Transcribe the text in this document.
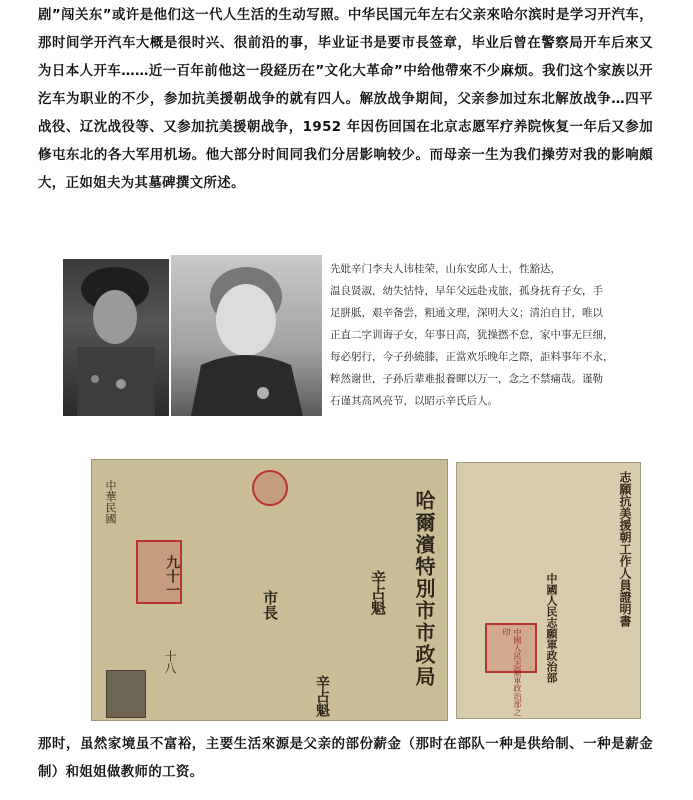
剧”闯关东”或许是他们这一代人生活的生动写照。中华民国元年左右父亲來哈尔滨时是学习开汽车，那时间学开汽车大概是很时兴、很前沿的事，毕业证书是要市長签章，毕业后曾在警察局开车后來又为日本人开车……近一百年前他这一段経历在”文化大革命”中给他帶來不少麻烦。我们这个家族以开汔车为职业的不少，参加抗美援朝战争的就有四人。解放战争期间，父亲参加过东北解放战争…四平战役、辽沈战役等、又参加抗美援朝战争，1952 年因伤回国在北京志愿军疗养院恢复一年后又参加修屯东北的各大军用机场。他大部分时间同我们分居影响较少。而母亲一生为我们操劳对我的影响頗大，正如姐夫为其墓碑撰文所述。
先妣辛门李夫人讳桂荣，山东安邱人士，性豁达，
温良贤淑，幼失怙恃，早年父远赴戎旅，孤身抚育子女，手
足胼胝，艰辛备尝，粗通文理，深明大义；清泊自甘，唯以
正直二字训诲子女，年事日高，犹操撚不怠，家中事无巨细，
每必躬行，今子孙繞膝，正當欢乐晚年之際，詎料事年不永，
粹然谢世，子孙后辈难报養暉以万一，念之不禁痛哉。谨勒
石谨其高风亮节，以昭示辛氏后人。
哈爾濱特別市市政局
辛占魁
辛占魁
市長
中華民國
九十一
十八
志願抗美援朝工作人員證明書
中國人民志願軍政治部之印	中國人民志願軍政治部
那时，虽然家境虽不富裕，主要生活來源是父亲的部份薪金（那时在部队一种是供给制、一种是薪金制）和姐姐做教师的工资。
